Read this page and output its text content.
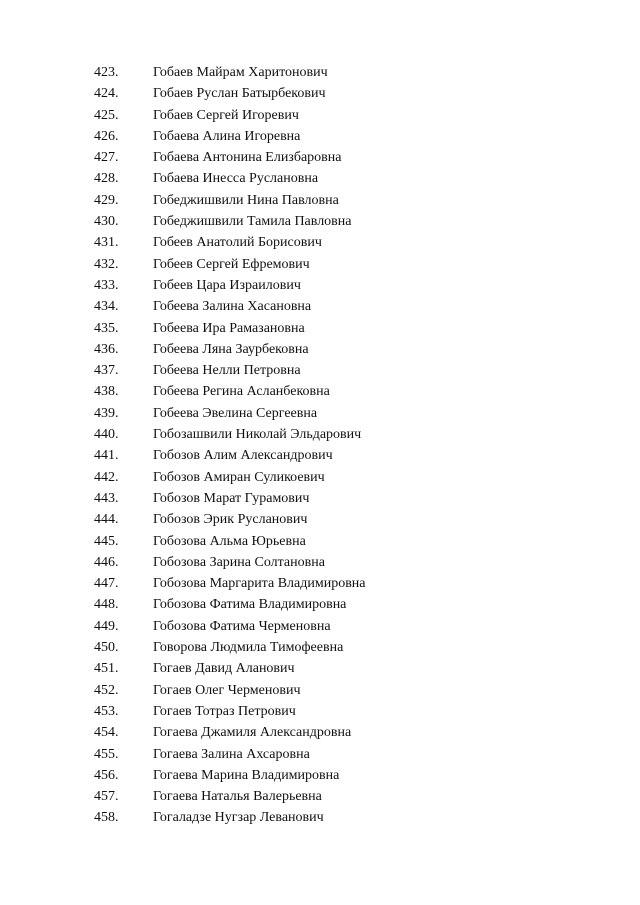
423. Гобаев Майрам Харитонович
424. Гобаев Руслан Батырбекович
425. Гобаев Сергей Игоревич
426. Гобаева Алина Игоревна
427. Гобаева Антонина Елизбаровна
428. Гобаева Инесса Руслановна
429. Гобеджишвили Нина Павловна
430. Гобеджишвили Тамила Павловна
431. Гобеев Анатолий Борисович
432. Гобеев Сергей Ефремович
433. Гобеев Цара Израилович
434. Гобеева Залина Хасановна
435. Гобеева Ира Рамазановна
436. Гобеева Ляна Заурбековна
437. Гобеева Нелли Петровна
438. Гобеева Регина Асланбековна
439. Гобеева Эвелина Сергеевна
440. Гобозашвили Николай Эльдарович
441. Гобозов Алим Александрович
442. Гобозов Амиран Суликоевич
443. Гобозов Марат Гурамович
444. Гобозов Эрик Русланович
445. Гобозова Альма Юрьевна
446. Гобозова Зарина Солтановна
447. Гобозова Маргарита Владимировна
448. Гобозова Фатима Владимировна
449. Гобозова Фатима Черменовна
450. Говорова Людмила Тимофеевна
451. Гогаев Давид Аланович
452. Гогаев Олег Черменович
453. Гогаев Тотраз Петрович
454. Гогаева Джамиля Александровна
455. Гогаева Залина Ахсаровна
456. Гогаева Марина Владимировна
457. Гогаева Наталья Валерьевна
458. Гогаладзе Нугзар Леванович
